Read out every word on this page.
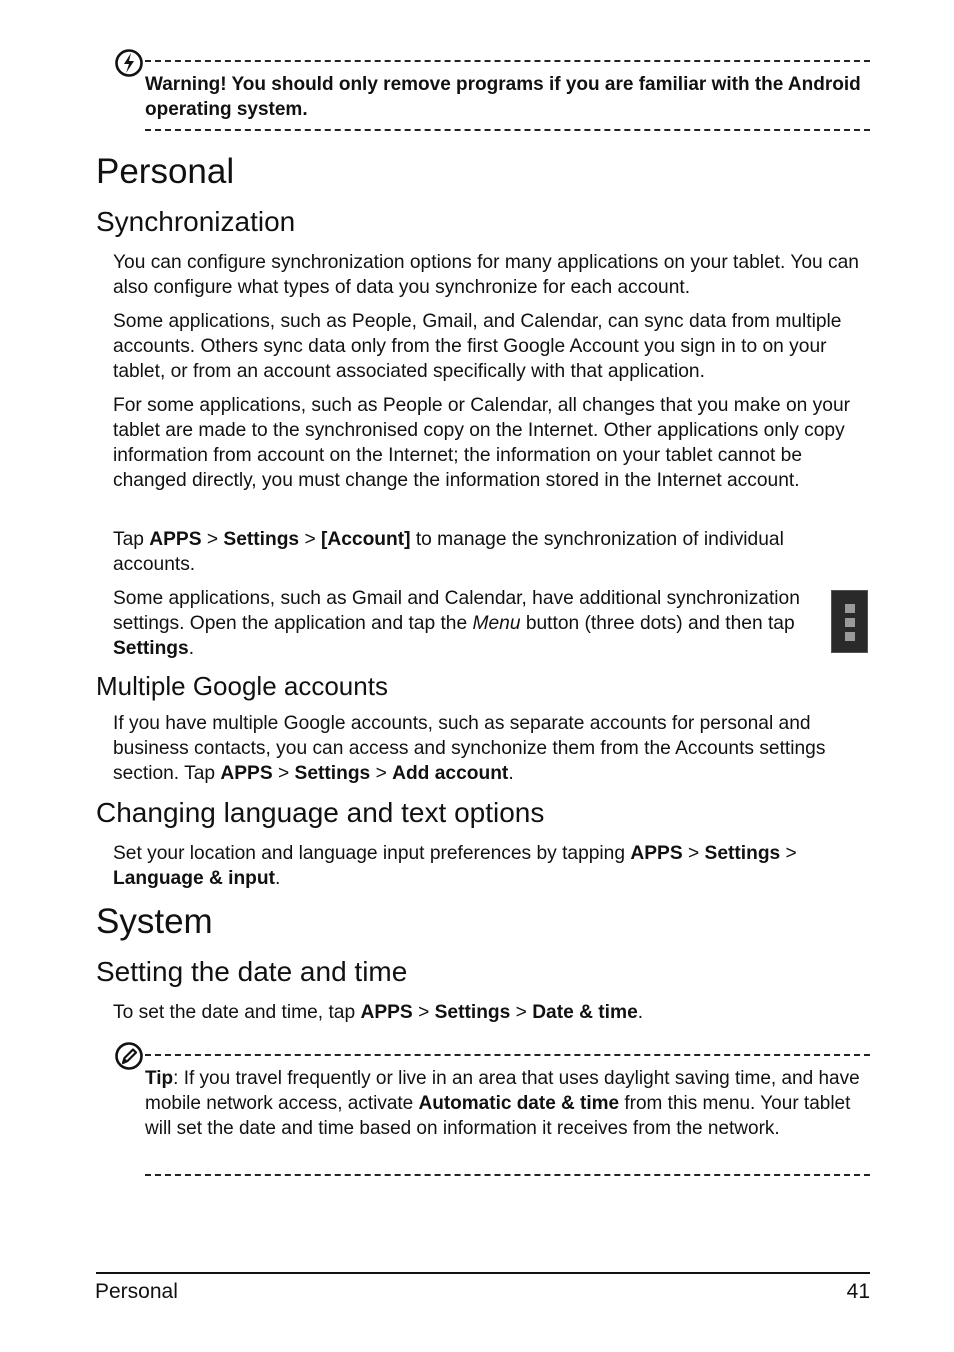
Warning! You should only remove programs if you are familiar with the Android operating system.
Personal
Synchronization
You can configure synchronization options for many applications on your tablet. You can also configure what types of data you synchronize for each account.
Some applications, such as People, Gmail, and Calendar, can sync data from multiple accounts. Others sync data only from the first Google Account you sign in to on your tablet, or from an account associated specifically with that application.
For some applications, such as People or Calendar, all changes that you make on your tablet are made to the synchronised copy on the Internet. Other applications only copy information from account on the Internet; the information on your tablet cannot be changed directly, you must change the information stored in the Internet account.
Tap APPS > Settings > [Account] to manage the synchronization of individual accounts.
Some applications, such as Gmail and Calendar, have additional synchronization settings. Open the application and tap the Menu button (three dots) and then tap Settings.
Multiple Google accounts
If you have multiple Google accounts, such as separate accounts for personal and business contacts, you can access and synchonize them from the Accounts settings section. Tap APPS > Settings > Add account.
Changing language and text options
Set your location and language input preferences by tapping APPS > Settings > Language & input.
System
Setting the date and time
To set the date and time, tap APPS > Settings > Date & time.
Tip: If you travel frequently or live in an area that uses daylight saving time, and have mobile network access, activate Automatic date & time from this menu. Your tablet will set the date and time based on information it receives from the network.
Personal	41
